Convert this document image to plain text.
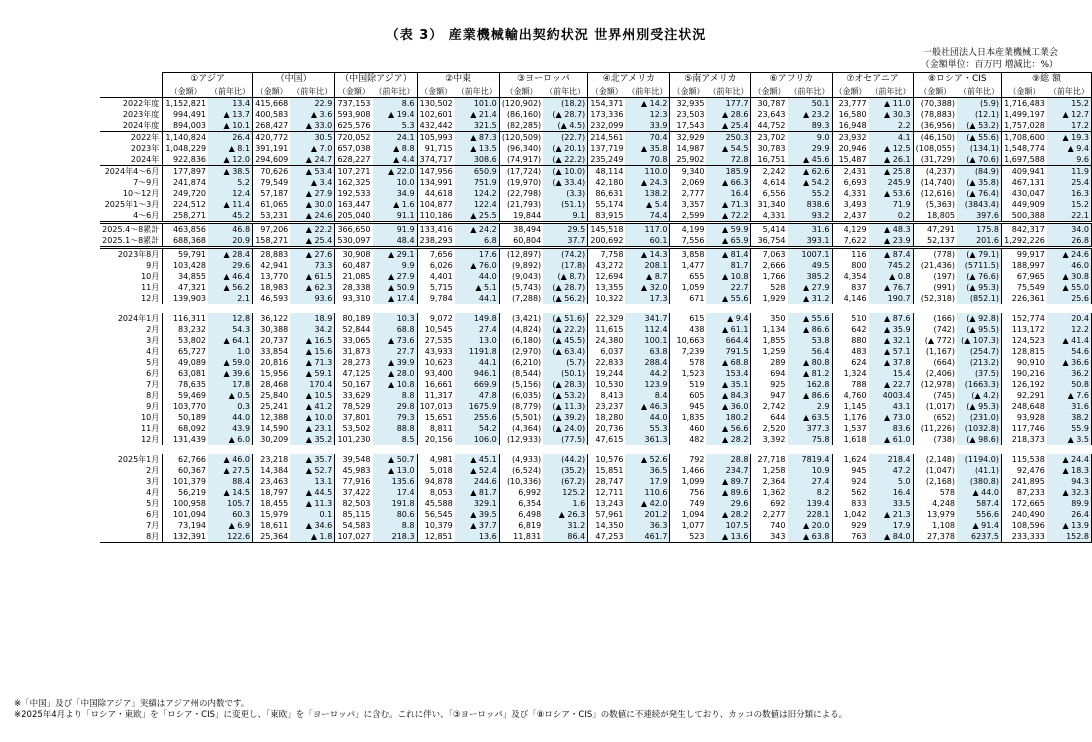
（表 3） 産業機械輸出契約状況 世界州別受注状況
一般社団法人日本産業機械工業会
（金額単位：百万円 増減比：%）
	①アジア		（中国）		（中国除アジア）		②中東		③ヨーロッパ		④北アメリカ		⑤南アメリカ		⑥アフリカ		⑦オセアニア		⑧ロシア・CIS		⑨総 額	
	（金額）	（前年比）	（金額）	（前年比）	（金額）	（前年比）	（金額）	（前年比）	（金額）	（前年比）	（金額）	（前年比）	（金額）	（前年比）	（金額）	（前年比）	（金額）	（前年比）	（金額）	（前年比）	（金額）	（前年比）
2022年度	1,152,821	13.4	415,668	22.9	737,153	8.6	130,502	101.0	(120,902)	(18.2)	154,371	▲ 14.2	32,935	177.7	30,787	50.1	23,777	▲ 11.0	(70,388)	(5.9)	1,716,483	15.2
2023年度	994,491	▲ 13.7	400,583	▲ 3.6	593,908	▲ 19.4	102,601	▲ 21.4	(86,160)	(▲ 28.7)	173,336	12.3	23,503	▲ 28.6	23,643	▲ 23.2	16,580	▲ 30.3	(78,883)	(12.1)	1,499,197	▲ 12.7
2024年度	894,003	▲ 10.1	268,427	▲ 33.0	625,576	5.3	432,442	321.5	(82,285)	(▲ 4.5)	232,099	33.9	17,543	▲ 25.4	44,752	89.3	16,948	2.2	(36,956)	(▲ 53.2)	1,757,028	17.2
2022年	1,140,824	26.4	420,772	30.5	720,052	24.1	105,993	▲ 87.3	(120,509)	(22.7)	214,561	70.4	32,929	250.3	23,702	9.0	23,932	4.1	(46,150)	(▲ 55.6)	1,708,600	▲ 19.3
2023年	1,048,229	▲ 8.1	391,191	▲ 7.0	657,038	▲ 8.8	91,715	▲ 13.5	(96,340)	(▲ 20.1)	137,719	▲ 35.8	14,987	▲ 54.5	30,783	29.9	20,946	▲ 12.5	(108,055)	(134.1)	1,548,774	▲ 9.4
2024年	922,836	▲ 12.0	294,609	▲ 24.7	628,227	▲ 4.4	374,717	308.6	(74,917)	(▲ 22.2)	235,249	70.8	25,902	72.8	16,751	▲ 45.6	15,487	▲ 26.1	(31,729)	(▲ 70.6)	1,697,588	9.6
2024年4～6月	177,897	▲ 38.5	70,626	▲ 53.4	107,271	▲ 22.0	147,956	650.9	(17,724)	(▲ 10.0)	48,114	110.0	9,340	185.9	2,242	▲ 62.6	2,431	▲ 25.8	(4,237)	(84.9)	409,941	11.9
7～9月	241,874	5.2	79,549	▲ 3.4	162,325	10.0	134,991	751.9	(19,970)	(▲ 33.4)	42,180	▲ 24.3	2,069	▲ 66.3	4,614	▲ 54.2	6,693	245.9	(14,740)	(▲ 35.8)	467,131	25.4
10～12月	249,720	12.4	57,187	▲ 27.9	192,533	34.9	44,618	124.2	(22,798)	(3.3)	86,631	138.2	2,777	16.4	6,556	55.2	4,331	▲ 53.6	(12,616)	(▲ 76.4)	430,047	16.3
2025年1～3月	224,512	▲ 11.4	61,065	▲ 30.0	163,447	▲ 1.6	104,877	122.4	(21,793)	(51.1)	55,174	▲ 5.4	3,357	▲ 71.3	31,340	838.6	3,493	71.9	(5,363)	(3843.4)	449,909	15.2
4～6月	258,271	45.2	53,231	▲ 24.6	205,040	91.1	110,186	▲ 25.5	19,844	9.1	83,915	74.4	2,599	▲ 72.2	4,331	93.2	2,437	0.2	18,805	397.6	500,388	22.1
2025.4～8累計	463,856	46.8	97,206	▲ 22.2	366,650	91.9	133,416	▲ 24.2	38,494	29.5	145,518	117.0	4,199	▲ 59.9	5,414	31.6	4,129	▲ 48.3	47,291	175.8	842,317	34.0
2025.1～8累計	688,368	20.9	158,271	▲ 25.4	530,097	48.4	238,293	6.8	60,804	37.7	200,692	60.1	7,556	▲ 65.9	36,754	393.1	7,622	▲ 23.9	52,137	201.6	1,292,226	26.8
2023年8月	59,791	▲ 28.4	28,883	▲ 27.6	30,908	▲ 29.1	7,656	17.6	(12,897)	(74.2)	7,758	▲ 14.3	3,858	▲ 81.4	7,063	1007.1	116	▲ 87.4	(778)	(▲ 79.1)	99,917	▲ 24.6
9月	103,428	29.6	42,941	73.3	60,487	9.9	6,026	▲ 76.0	(9,892)	(17.8)	43,272	208.1	1,477	81.7	2,666	49.5	800	745.2	(21,436)	(5711.5)	188,997	46.0
10月	34,855	▲ 46.4	13,770	▲ 61.5	21,085	▲ 27.9	4,401	44.0	(9,043)	(▲ 8.7)	12,694	▲ 8.7	655	▲ 10.8	1,766	385.2	4,354	▲ 0.8	(197)	(▲ 76.6)	67,965	▲ 30.8
11月	47,321	▲ 56.2	18,983	▲ 62.3	28,338	▲ 50.9	5,715	▲ 5.1	(5,743)	(▲ 28.7)	13,355	▲ 32.0	1,059	22.7	528	▲ 27.9	837	▲ 76.7	(991)	(▲ 95.3)	75,549	▲ 55.0
12月	139,903	2.1	46,593	93.6	93,310	▲ 17.4	9,784	44.1	(7,288)	(▲ 56.2)	10,322	17.3	671	▲ 55.6	1,929	▲ 31.2	4,146	190.7	(52,318)	(852.1)	226,361	25.6

2024年1月	116,311	12.8	36,122	18.9	80,189	10.3	9,072	149.8	(3,421)	(▲ 51.6)	22,329	341.7	615	▲ 9.4	350	▲ 55.6	510	▲ 87.6	(166)	(▲ 92.8)	152,774	20.4
2月	83,232	54.3	30,388	34.2	52,844	68.8	10,545	27.4	(4,824)	(▲ 22.2)	11,615	112.4	438	▲ 61.1	1,134	▲ 86.6	642	▲ 35.9	(742)	(▲ 95.5)	113,172	12.2
3月	53,802	▲ 64.1	20,737	▲ 16.5	33,065	▲ 73.6	27,535	13.0	(6,180)	(▲ 45.5)	24,380	100.1	10,663	664.4	1,855	53.8	880	▲ 32.1	(▲ 772)	(▲ 107.3)	124,523	▲ 41.4
4月	65,727	1.0	33,854	▲ 15.6	31,873	27.7	43,933	1191.8	(2,970)	(▲ 63.4)	6,037	63.8	7,239	791.5	1,259	56.4	483	▲ 57.1	(1,167)	(254.7)	128,815	54.6
5月	49,089	▲ 59.0	20,816	▲ 71.3	28,273	▲ 39.9	10,623	44.1	(6,210)	(5.7)	22,833	288.4	578	▲ 68.8	289	▲ 80.8	624	▲ 37.8	(664)	(213.2)	90,910	▲ 36.6
6月	63,081	▲ 39.6	15,956	▲ 59.1	47,125	▲ 28.0	93,400	946.1	(8,544)	(50.1)	19,244	44.2	1,523	153.4	694	▲ 81.2	1,324	15.4	(2,406)	(37.5)	190,216	36.2
7月	78,635	17.8	28,468	170.4	50,167	▲ 10.8	16,661	669.9	(5,156)	(▲ 28.3)	10,530	123.9	519	▲ 35.1	925	162.8	788	▲ 22.7	(12,978)	(1663.3)	126,192	50.8
8月	59,469	▲ 0.5	25,840	▲ 10.5	33,629	8.8	11,317	47.8	(6,035)	(▲ 53.2)	8,413	8.4	605	▲ 84.3	947	▲ 86.6	4,760	4003.4	(745)	(▲ 4.2)	92,291	▲ 7.6
9月	103,770	0.3	25,241	▲ 41.2	78,529	29.8	107,013	1675.9	(8,779)	(▲ 11.3)	23,237	▲ 46.3	945	▲ 36.0	2,742	2.9	1,145	43.1	(1,017)	(▲ 95.3)	248,648	31.6
10月	50,189	44.0	12,388	▲ 10.0	37,801	79.3	15,651	255.6	(5,501)	(▲ 39.2)	18,280	44.0	1,835	180.2	644	▲ 63.5	1,176	▲ 73.0	(652)	(231.0)	93,928	38.2
11月	68,092	43.9	14,590	▲ 23.1	53,502	88.8	8,811	54.2	(4,364)	(▲ 24.0)	20,736	55.3	460	▲ 56.6	2,520	377.3	1,537	83.6	(11,226)	(1032.8)	117,746	55.9
12月	131,439	▲ 6.0	30,209	▲ 35.2	101,230	8.5	20,156	106.0	(12,933)	(77.5)	47,615	361.3	482	▲ 28.2	3,392	75.8	1,618	▲ 61.0	(738)	(▲ 98.6)	218,373	▲ 3.5

2025年1月	62,766	▲ 46.0	23,218	▲ 35.7	39,548	▲ 50.7	4,981	▲ 45.1	(4,933)	(44.2)	10,576	▲ 52.6	792	28.8	27,718	7819.4	1,624	218.4	(2,148)	(1194.0)	115,538	▲ 24.4
2月	60,367	▲ 27.5	14,384	▲ 52.7	45,983	▲ 13.0	5,018	▲ 52.4	(6,524)	(35.2)	15,851	36.5	1,466	234.7	1,258	10.9	945	47.2	(1,047)	(41.1)	92,476	▲ 18.3
3月	101,379	88.4	23,463	13.1	77,916	135.6	94,878	244.6	(10,336)	(67.2)	28,747	17.9	1,099	▲ 89.7	2,364	27.4	924	5.0	(2,168)	(380.8)	241,895	94.3
4月	56,219	▲ 14.5	18,797	▲ 44.5	37,422	17.4	8,053	▲ 81.7	6,992	125.2	12,711	110.6	756	▲ 89.6	1,362	8.2	562	16.4	578	▲ 44.0	87,233	▲ 32.3
5月	100,958	105.7	18,455	▲ 11.3	82,503	191.8	45,588	329.1	6,354	1.6	13,243	▲ 42.0	749	29.6	692	139.4	833	33.5	4,248	587.4	172,665	89.9
6月	101,094	60.3	15,979	0.1	85,115	80.6	56,545	▲ 39.5	6,498	▲ 26.3	57,961	201.2	1,094	▲ 28.2	2,277	228.1	1,042	▲ 21.3	13,979	556.6	240,490	26.4
7月	73,194	▲ 6.9	18,611	▲ 34.6	54,583	8.8	10,379	▲ 37.7	6,819	31.2	14,350	36.3	1,077	107.5	740	▲ 20.0	929	17.9	1,108	▲ 91.4	108,596	▲ 13.9
8月	132,391	122.6	25,364	▲ 1.8	107,027	218.3	12,851	13.6	11,831	86.4	47,253	461.7	523	▲ 13.6	343	▲ 63.8	763	▲ 84.0	27,378	6237.5	233,333	152.8
※「中国」及び「中国除アジア」実績はアジア州の内数です。
※2025年4月より「ロシア・東欧」を「ロシア・CIS」に変更し、「東欧」を「ヨーロッパ」に含む。これに伴い、「③ヨーロッパ」及び「⑧ロシア・CIS」の数値に不連続が発生しており、カッコの数値は旧分類による。
